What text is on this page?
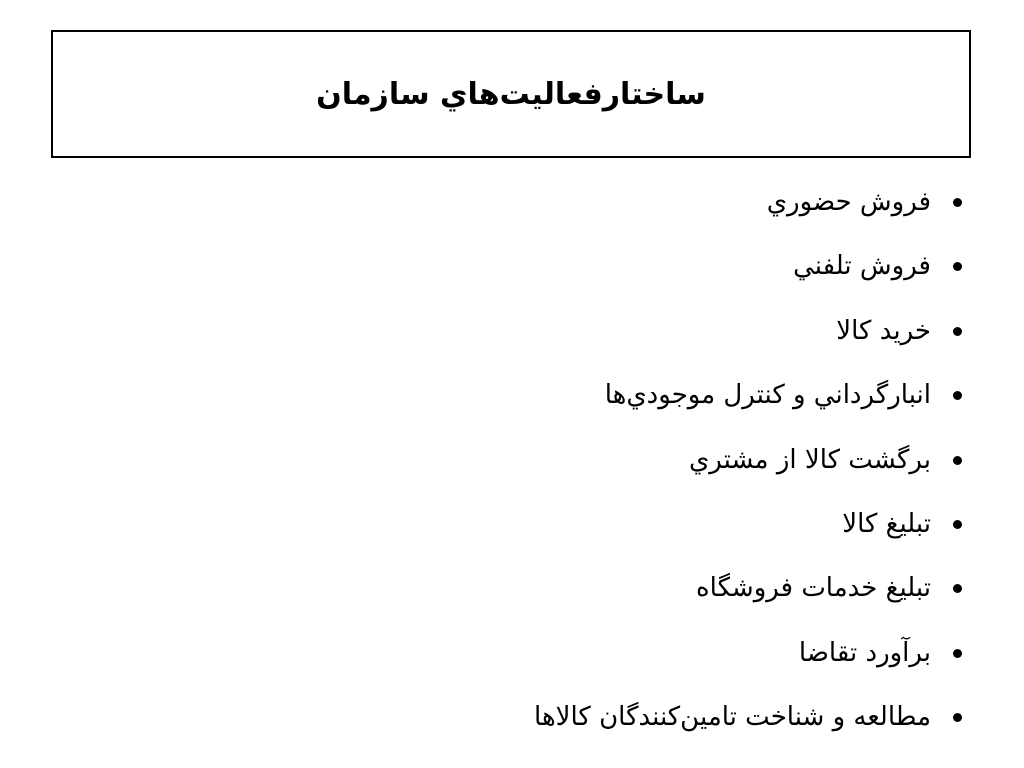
ساختارفعاليت‌هاي سازمان
فروش حضوري
فروش تلفني
خريد كالا
انبارگرداني و كنترل موجودي‌ها
برگشت كالا از مشتري
تبليغ كالا
تبليغ خدمات فروشگاه
برآورد تقاضا
مطالعه و شناخت تامين‌كنندگان كالاها
